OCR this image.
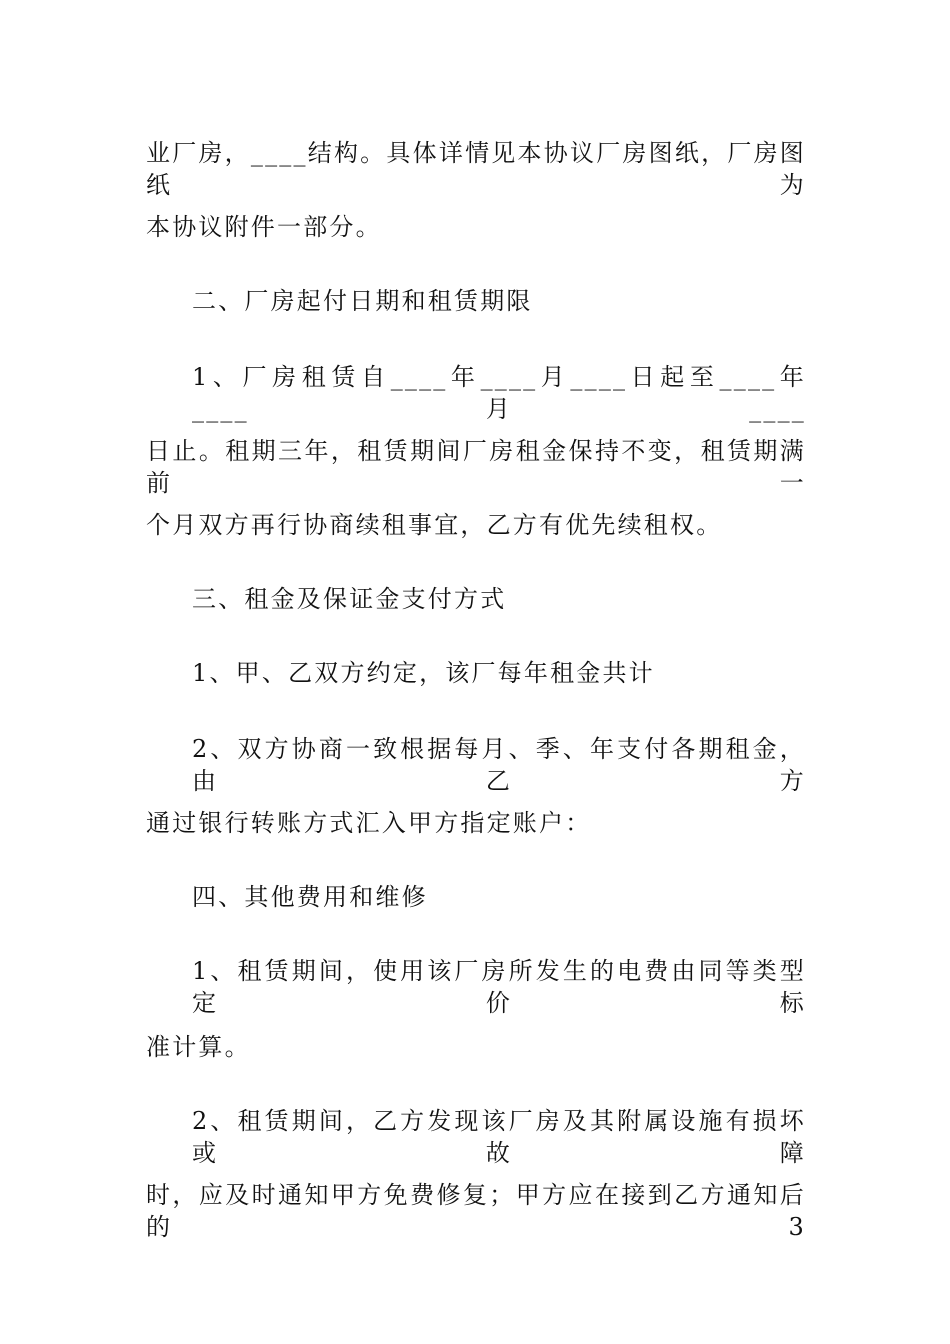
业厂房，____结构。具体详情见本协议厂房图纸，厂房图纸为
本协议附件一部分。
二、厂房起付日期和租赁期限
1、厂房租赁自____年____月____日起至____年____月____
日止。租期三年，租赁期间厂房租金保持不变，租赁期满前一
个月双方再行协商续租事宜，乙方有优先续租权。
三、租金及保证金支付方式
1、甲、乙双方约定，该厂每年租金共计
2、双方协商一致根据每月、季、年支付各期租金，由乙方
通过银行转账方式汇入甲方指定账户：
四、其他费用和维修
1、租赁期间，使用该厂房所发生的电费由同等类型定价标
准计算。
2、租赁期间，乙方发现该厂房及其附属设施有损坏或故障
时，应及时通知甲方免费修复；甲方应在接到乙方通知后的3
